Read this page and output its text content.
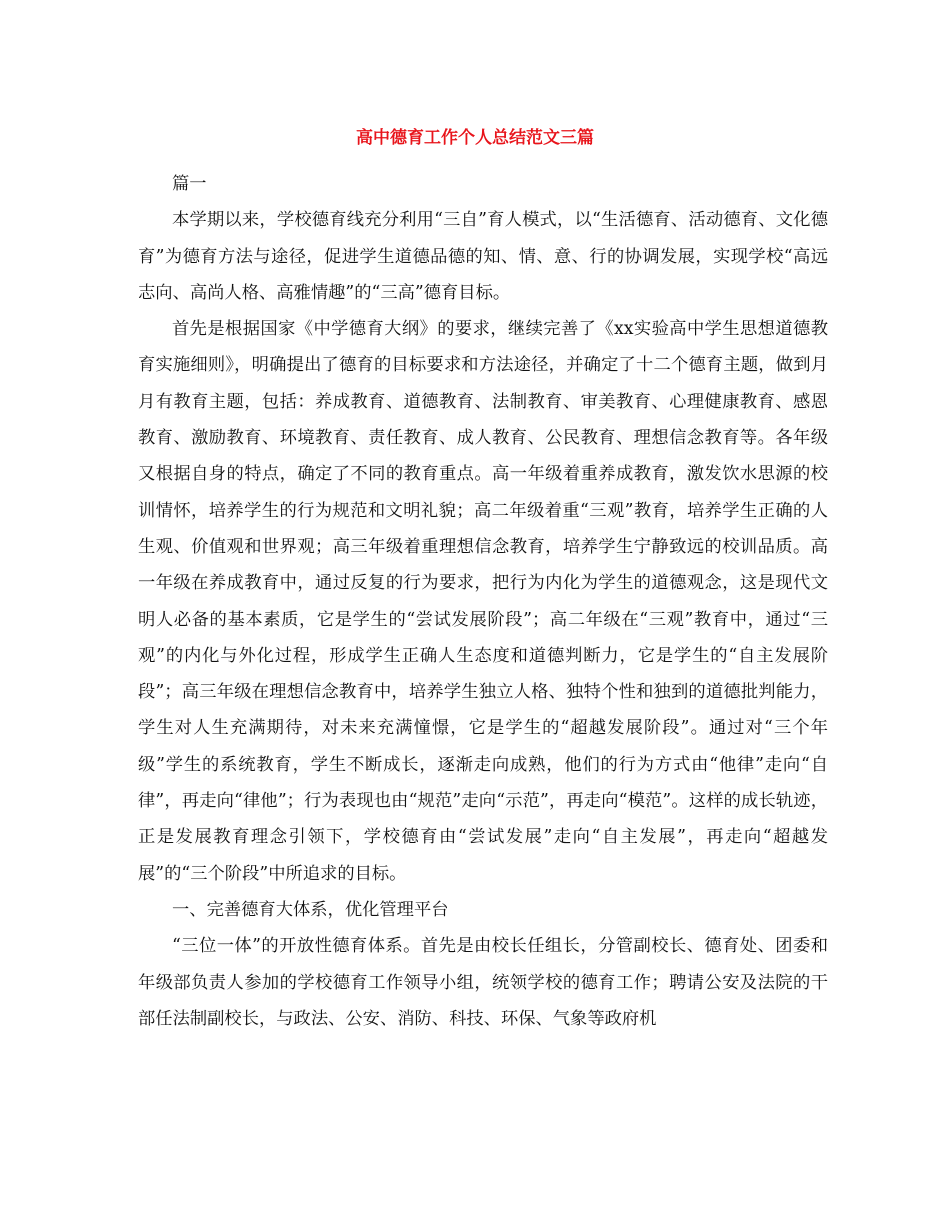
高中德育工作个人总结范文三篇

篇一

本学期以来，学校德育线充分利用“三自”育人模式，以“生活德育、活动德育、文化德育”为德育方法与途径，促进学生道德品德的知、情、意、行的协调发展，实现学校“高远志向、高尚人格、高雅情趣”的“三高”德育目标。

首先是根据国家《中学德育大纲》的要求，继续完善了《xx实验高中学生思想道德教育实施细则》，明确提出了德育的目标要求和方法途径，并确定了十二个德育主题，做到月月有教育主题，包括：养成教育、道德教育、法制教育、审美教育、心理健康教育、感恩教育、激励教育、环境教育、责任教育、成人教育、公民教育、理想信念教育等。各年级又根据自身的特点，确定了不同的教育重点。高一年级着重养成教育，激发饮水思源的校训情怀，培养学生的行为规范和文明礼貌；高二年级着重“三观”教育，培养学生正确的人生观、价值观和世界观；高三年级着重理想信念教育，培养学生宁静致远的校训品质。高一年级在养成教育中，通过反复的行为要求，把行为内化为学生的道德观念，这是现代文明人必备的基本素质，它是学生的“尝试发展阶段”；高二年级在“三观”教育中，通过“三观”的内化与外化过程，形成学生正确人生态度和道德判断力，它是学生的“自主发展阶段”；高三年级在理想信念教育中，培养学生独立人格、独特个性和独到的道德批判能力，学生对人生充满期待，对未来充满憧憬，它是学生的“超越发展阶段”。通过对“三个年级”学生的系统教育，学生不断成长，逐渐走向成熟，他们的行为方式由“他律”走向“自律”，再走向“律他”；行为表现也由“规范”走向“示范”，再走向“模范”。这样的成长轨迹，正是发展教育理念引领下，学校德育由“尝试发展”走向“自主发展”，再走向“超越发展”的“三个阶段”中所追求的目标。

一、完善德育大体系，优化管理平台

“三位一体”的开放性德育体系。首先是由校长任组长，分管副校长、德育处、团委和年级部负责人参加的学校德育工作领导小组，统领学校的德育工作；聘请公安及法院的干部任法制副校长，与政法、公安、消防、科技、环保、气象等政府机
